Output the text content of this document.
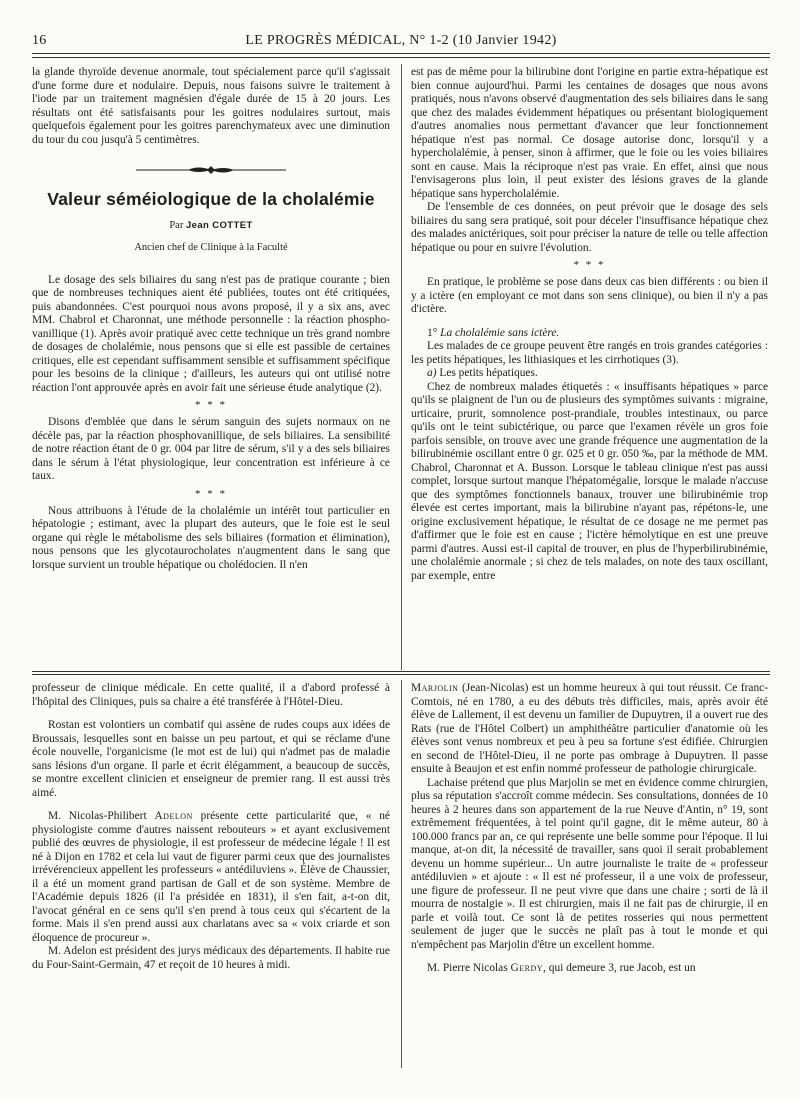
16	LE PROGRÈS MÉDICAL, N° 1-2 (10 Janvier 1942)

la glande thyroïde devenue anormale, tout spécialement parce qu'il s'agissait d'une forme dure et nodulaire. Depuis, nous faisons suivre le traitement à l'iode par un traitement magnésien d'égale durée de 15 à 20 jours. Les résultats ont été satisfaisants pour les goitres nodulaires surtout, mais quelquefois également pour les goitres parenchymateux avec une diminution du tour du cou jusqu'à 5 centimètres.

Valeur séméiologique de la cholalémie
Par Jean COTTET
Ancien chef de Clinique à la Faculté

Le dosage des sels biliaires du sang n'est pas de pratique courante ; bien que de nombreuses techniques aient été publiées, toutes ont été critiquées, puis abandonnées. C'est pourquoi nous avons proposé, il y a six ans, avec MM. Chabrol et Charonnat, une méthode personnelle : la réaction phospho-vanillique (1). Après avoir pratiqué avec cette technique un très grand nombre de dosages de cholalémie, nous pensons que si elle est passible de certaines critiques, elle est cependant suffisamment sensible et suffisamment spécifique pour les besoins de la clinique ; d'ailleurs, les auteurs qui ont utilisé notre réaction l'ont approuvée après en avoir fait une sérieuse étude analytique (2).

* * *

Disons d'emblée que dans le sérum sanguin des sujets normaux on ne décèle pas, par la réaction phosphovanillique, de sels biliaires. La sensibilité de notre réaction étant de 0 gr. 004 par litre de sérum, s'il y a des sels biliaires dans le sérum à l'état physiologique, leur concentration est inférieure à ce taux.

* * *

Nous attribuons à l'étude de la cholalémie un intérêt tout particulier en hépatologie ; estimant, avec la plupart des auteurs, que le foie est le seul organe qui règle le métabolisme des sels biliaires (formation et élimination), nous pensons que les glycotaurocholates n'augmentent dans le sang que lorsque survient un trouble hépatique ou cholédocien. Il n'en

est pas de même pour la bilirubine dont l'origine en partie extra-hépatique est bien connue aujourd'hui. Parmi les centaines de dosages que nous avons pratiqués, nous n'avons observé d'augmentation des sels biliaires dans le sang que chez des malades évidemment hépatiques ou présentant biologiquement d'autres anomalies nous permettant d'avancer que leur fonctionnement hépatique n'est pas normal. Ce dosage autorise donc, lorsqu'il y a hypercholalémie, à penser, sinon à affirmer, que le foie ou les voies biliaires sont en cause. Mais la réciproque n'est pas vraie. En effet, ainsi que nous l'envisagerons plus loin, il peut exister des lésions graves de la glande hépatique sans hypercholalémie.

De l'ensemble de ces données, on peut prévoir que le dosage des sels biliaires du sang sera pratiqué, soit pour déceler l'insuffisance hépatique chez des malades anictériques, soit pour préciser la nature de telle ou telle affection hépatique ou pour en suivre l'évolution.

* * *

En pratique, le problème se pose dans deux cas bien différents : ou bien il y a ictère (en employant ce mot dans son sens clinique), ou bien il n'y a pas d'ictère.

1° La cholalémie sans ictère.

Les malades de ce groupe peuvent être rangés en trois grandes catégories : les petits hépatiques, les lithiasiques et les cirrhotiques (3).

a) Les petits hépatiques.

Chez de nombreux malades étiquetés : « insuffisants hépatiques » parce qu'ils se plaignent de l'un ou de plusieurs des symptômes suivants : migraine, urticaire, prurit, somnolence post-prandiale, troubles intestinaux, ou parce qu'ils ont le teint subictérique, ou parce que l'examen révèle un gros foie parfois sensible, on trouve avec une grande fréquence une augmentation de la bilirubinémie oscillant entre 0 gr. 025 et 0 gr. 050 ‰, par la méthode de MM. Chabrol, Charonnat et A. Busson. Lorsque le tableau clinique n'est pas aussi complet, lorsque surtout manque l'hépatomégalie, lorsque le malade n'accuse que des symptômes fonctionnels banaux, trouver une bilirubinémie trop élevée est certes important, mais la bilirubine n'ayant pas, répétons-le, une origine exclusivement hépatique, le résultat de ce dosage ne me permet pas d'affirmer que le foie est en cause ; l'ictère hémolytique en est une preuve parmi d'autres. Aussi est-il capital de trouver, en plus de l'hyperbilirubinémie, une cholalémie anormale ; si chez de tels malades, on note des taux oscillant, par exemple, entre

professeur de clinique médicale. En cette qualité, il a d'abord professé à l'hôpital des Cliniques, puis sa chaire a été transférée à l'Hôtel-Dieu.

Rostan est volontiers un combatif qui assène de rudes coups aux idées de Broussais, lesquelles sont en baisse un peu partout, et qui se réclame d'une école nouvelle, l'organicisme (le mot est de lui) qui n'admet pas de maladie sans lésions d'un organe. Il parle et écrit élégamment, a beaucoup de succès, se montre excellent clinicien et enseigneur de premier rang. Il est aussi très aimé.

M. Nicolas-Philibert Adelon présente cette particularité que, « né physiologiste comme d'autres naissent rebouteurs » et ayant exclusivement publié des œuvres de physiologie, il est professeur de médecine légale ! Il est né à Dijon en 1782 et cela lui vaut de figurer parmi ceux que des journalistes irrévérencieux appellent les professeurs « antédiluviens ». Élève de Chaussier, il a été un moment grand partisan de Gall et de son système. Membre de l'Académie depuis 1826 (il l'a présidée en 1831), il s'en fait, a-t-on dit, l'avocat général en ce sens qu'il s'en prend à tous ceux qui s'écartent de la forme. Mais il s'en prend aussi aux charlatans avec sa « voix criarde et son éloquence de procureur ».

M. Adelon est président des jurys médicaux des départements. Il habite rue du Four-Saint-Germain, 47 et reçoit de 10 heures à midi.

Marjolin (Jean-Nicolas) est un homme heureux à qui tout réussit. Ce franc-Comtois, né en 1780, a eu des débuts très difficiles, mais, après avoir été élève de Lallement, il est devenu un familier de Dupuytren, il a ouvert rue des Rats (rue de l'Hôtel Colbert) un amphithéâtre particulier d'anatomie où les élèves sont venus nombreux et peu à peu sa fortune s'est édifiée. Chirurgien en second de l'Hôtel-Dieu, il ne porte pas ombrage à Dupuytren. Il passe ensuite à Beaujon et est enfin nommé professeur de pathologie chirurgicale.

Lachaise prétend que plus Marjolin se met en évidence comme chirurgien, plus sa réputation s'accroît comme médecin. Ses consultations, données de 10 heures à 2 heures dans son appartement de la rue Neuve d'Antin, n° 19, sont extrêmement fréquentées, à tel point qu'il gagne, dit le même auteur, 80 à 100.000 francs par an, ce qui représente une belle somme pour l'époque. Il lui manque, at-on dit, la nécessité de travailler, sans quoi il serait probablement devenu un homme supérieur... Un autre journaliste le traite de « professeur antédiluvien » et ajoute : « Il est né professeur, il a une voix de professeur, une figure de professeur. Il ne peut vivre que dans une chaire ; sorti de là il mourra de nostalgie ». Il est chirurgien, mais il ne fait pas de chirurgie, il en parle et voilà tout. Ce sont là de petites rosseries qui nous permettent seulement de juger que le succès ne plaît pas à tout le monde et qui n'empêchent pas Marjolin d'être un excellent homme.

M. Pierre Nicolas Gerdy, qui demeure 3, rue Jacob, est un
